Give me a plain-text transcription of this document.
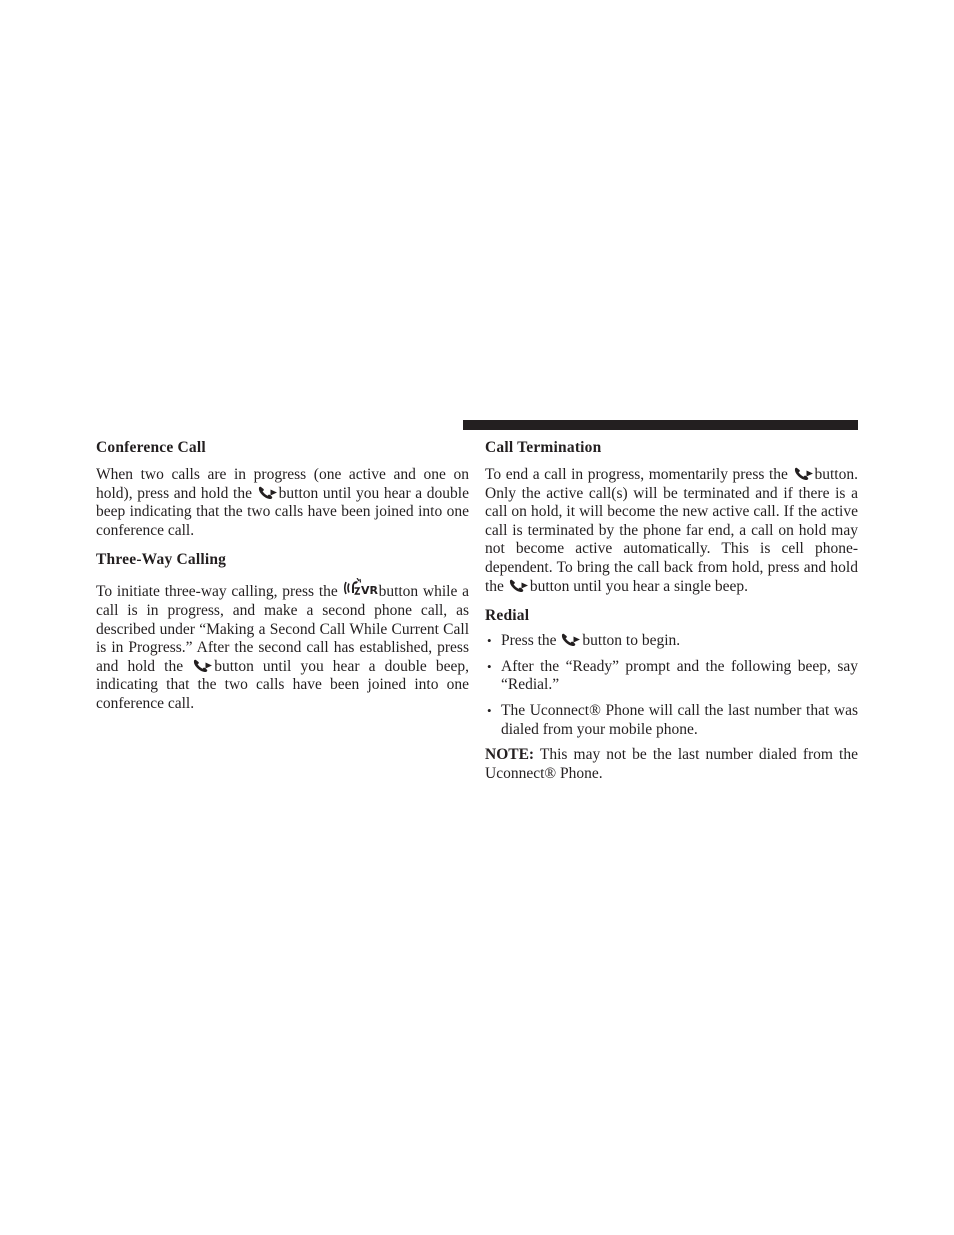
Conference Call

When two calls are in progress (one active and one on hold), press and hold the button until you hear a double beep indicating that the two calls have been joined into one conference call.

Three-Way Calling

To initiate three-way calling, press the VR button while a call is in progress, and make a second phone call, as described under “Making a Second Call While Current Call is in Progress.” After the second call has established, press and hold the button until you hear a double beep, indicating that the two calls have been joined into one conference call.

Call Termination

To end a call in progress, momentarily press the button. Only the active call(s) will be terminated and if there is a call on hold, it will become the new active call. If the active call is terminated by the phone far end, a call on hold may not become active automatically. This is cell phone-dependent. To bring the call back from hold, press and hold the button until you hear a single beep.

Redial
• Press the button to begin.
• After the “Ready” prompt and the following beep, say “Redial.”
• The Uconnect® Phone will call the last number that was dialed from your mobile phone.

NOTE: This may not be the last number dialed from the Uconnect® Phone.
